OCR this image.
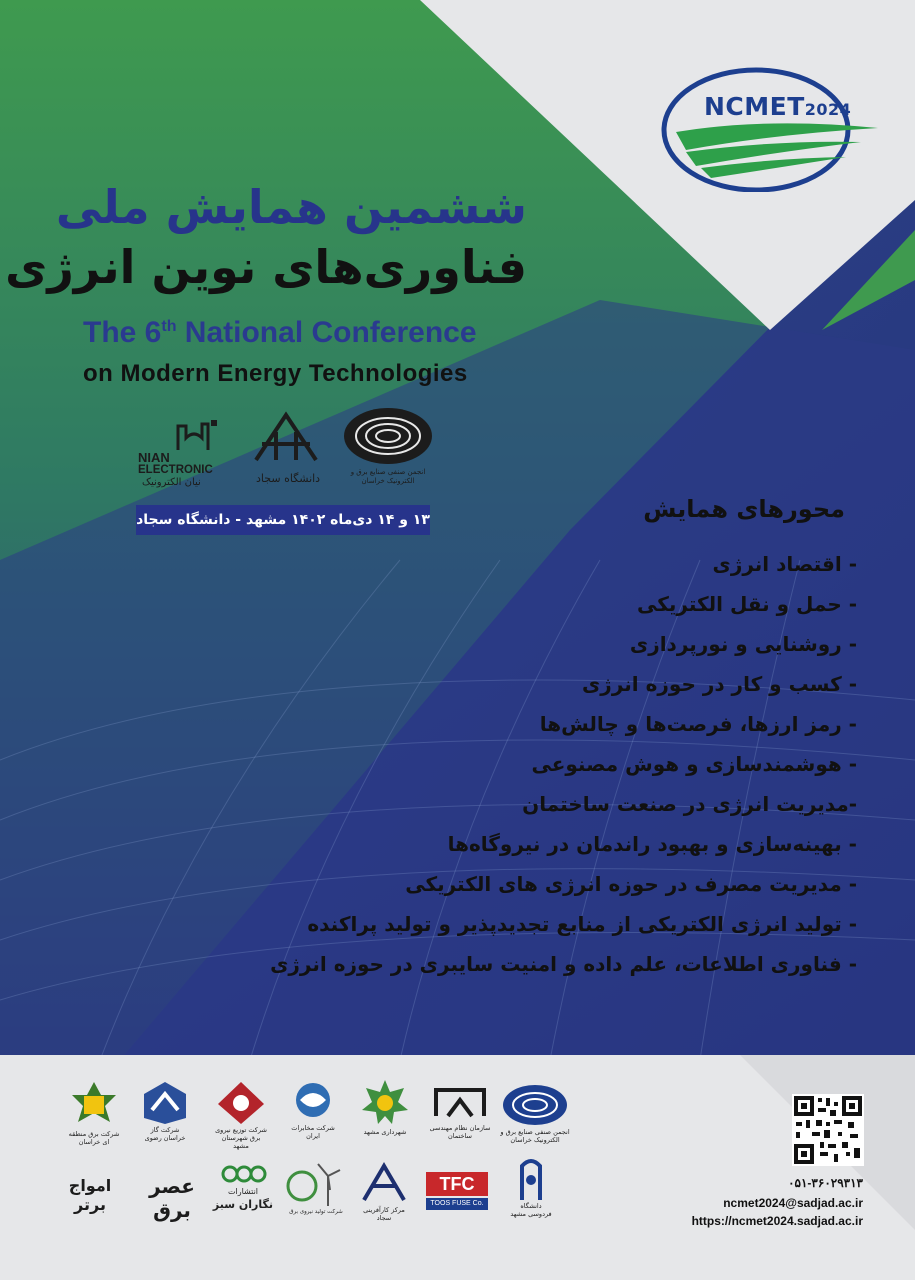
NCMET2024
ششمین همایش ملی
فناوری‌های نوین انرژی
The 6th National Conference
on Modern Energy Technologies
NIAN
ELECTRONIC
نیان الکترونیک	دانشگاه سجاد	انجمن صنفی صنایع برق و الکترونیک خراسان
۱۳ و ۱۴ دی‌ماه ۱۴۰۲ مشهد - دانشگاه سجاد	محورهای همایش
- اقتصاد انرژی
- حمل و نقل الکتریکی
- روشنایی و نورپردازی
- کسب و کار در حوزه انرژی
- رمز ارزها، فرصت‌ها و چالش‌ها
- هوشمندسازی و هوش مصنوعی
-مدیریت انرژی در صنعت ساختمان
- بهینه‌سازی و بهبود راندمان در نیروگاه‌ها
- مدیریت مصرف در حوزه انرژی های الکتریکی
- تولید انرژی الکتریکی از منابع تجدیدپذیر و تولید پراکنده
- فناوری اطلاعات، علم داده و امنیت سایبری در حوزه انرژی
شرکت برق منطقه ای خراسان
شرکت گاز خراسان رضوی
شرکت توزیع نیروی برق شهرستان مشهد
شرکت مخابرات ایران	شهرداری مشهد	سازمان نظام مهندسی ساختمان	انجمن صنفی صنایع برق و الکترونیک خراسان
امواج برتر
عصر برق
انتشارات
نگاران سبز
شرکت تولید نیروی برق	مرکز کارآفرینی سجاد
TFC
TOOS FUSE Co.	دانشگاه فردوسی مشهد
۰۵۱-۳۶۰۲۹۳۱۳
ncmet2024@sadjad.ac.ir
https://ncmet2024.sadjad.ac.ir
